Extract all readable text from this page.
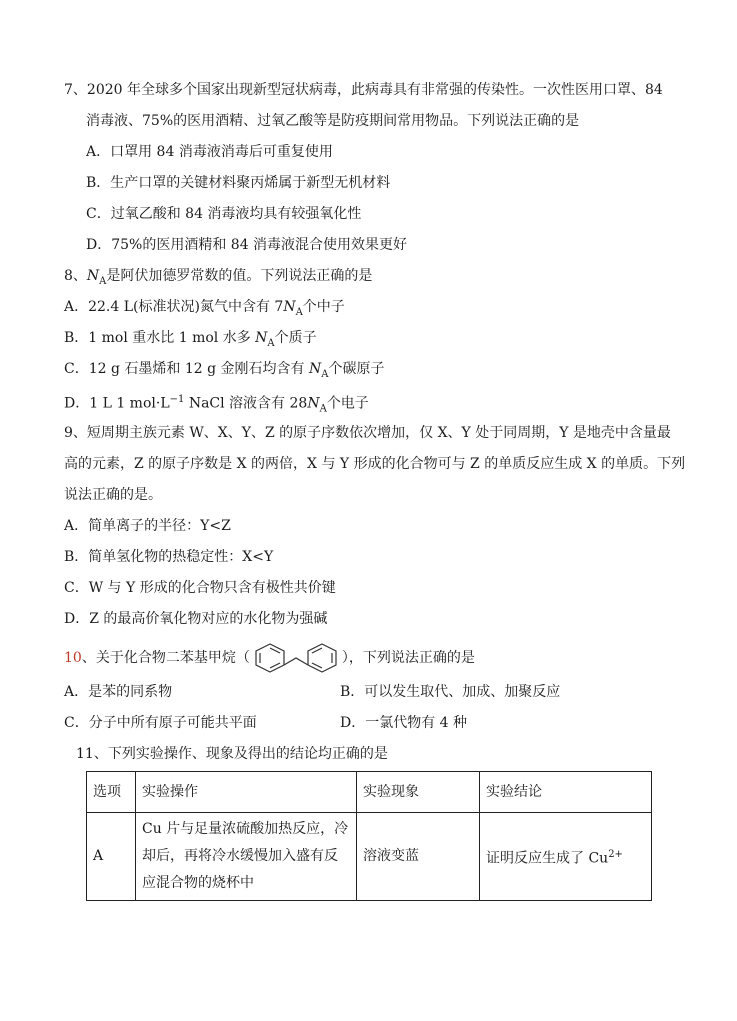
7、2020 年全球多个国家出现新型冠状病毒，此病毒具有非常强的传染性。一次性医用口罩、84
消毒液、75%的医用酒精、过氧乙酸等是防疫期间常用物品。下列说法正确的是
A．口罩用 84 消毒液消毒后可重复使用
B．生产口罩的关键材料聚丙烯属于新型无机材料
C．过氧乙酸和 84 消毒液均具有较强氧化性
D．75%的医用酒精和 84 消毒液混合使用效果更好
8、$N_A$是阿伏加德罗常数的值。下列说法正确的是
A．22.4 L(标准状况)氮气中含有 $7N_A$个中子
B．1 mol 重水比 1 mol 水多 $N_A$个质子
C．12 g 石墨烯和 12 g 金刚石均含有 $N_A$个碳原子
D．1 L 1 $mol\cdot L^{-1}$ NaCl 溶液含有 $28N_A$个电子
9、短周期主族元素 W、X、Y、Z 的原子序数依次增加，仅 X、Y 处于同周期，Y 是地壳中含量最
高的元素，Z 的原子序数是 X 的两倍，X 与 Y 形成的化合物可与 Z 的单质反应生成 X 的单质。下列
说法正确的是。
A．简单离子的半径：Y<Z
B．简单氢化物的热稳定性：X<Y
C．W 与 Y 形成的化合物只含有极性共价键
D．Z 的最高价氧化物对应的水化物为强碱
10、关于化合物二苯基甲烷（	），下列说法正确的是
A．是苯的同系物	B．可以发生取代、加成、加聚反应
C．分子中所有原子可能共平面	D．一氯代物有 4 种
11、下列实验操作、现象及得出的结论均正确的是
选项	实验操作	实验现象	实验结论
A	Cu 片与足量浓硫酸加热反应，冷却后，再将冷水缓慢加入盛有反应混合物的烧杯中	溶液变蓝	证明反应生成了 $Cu^{2+}$
